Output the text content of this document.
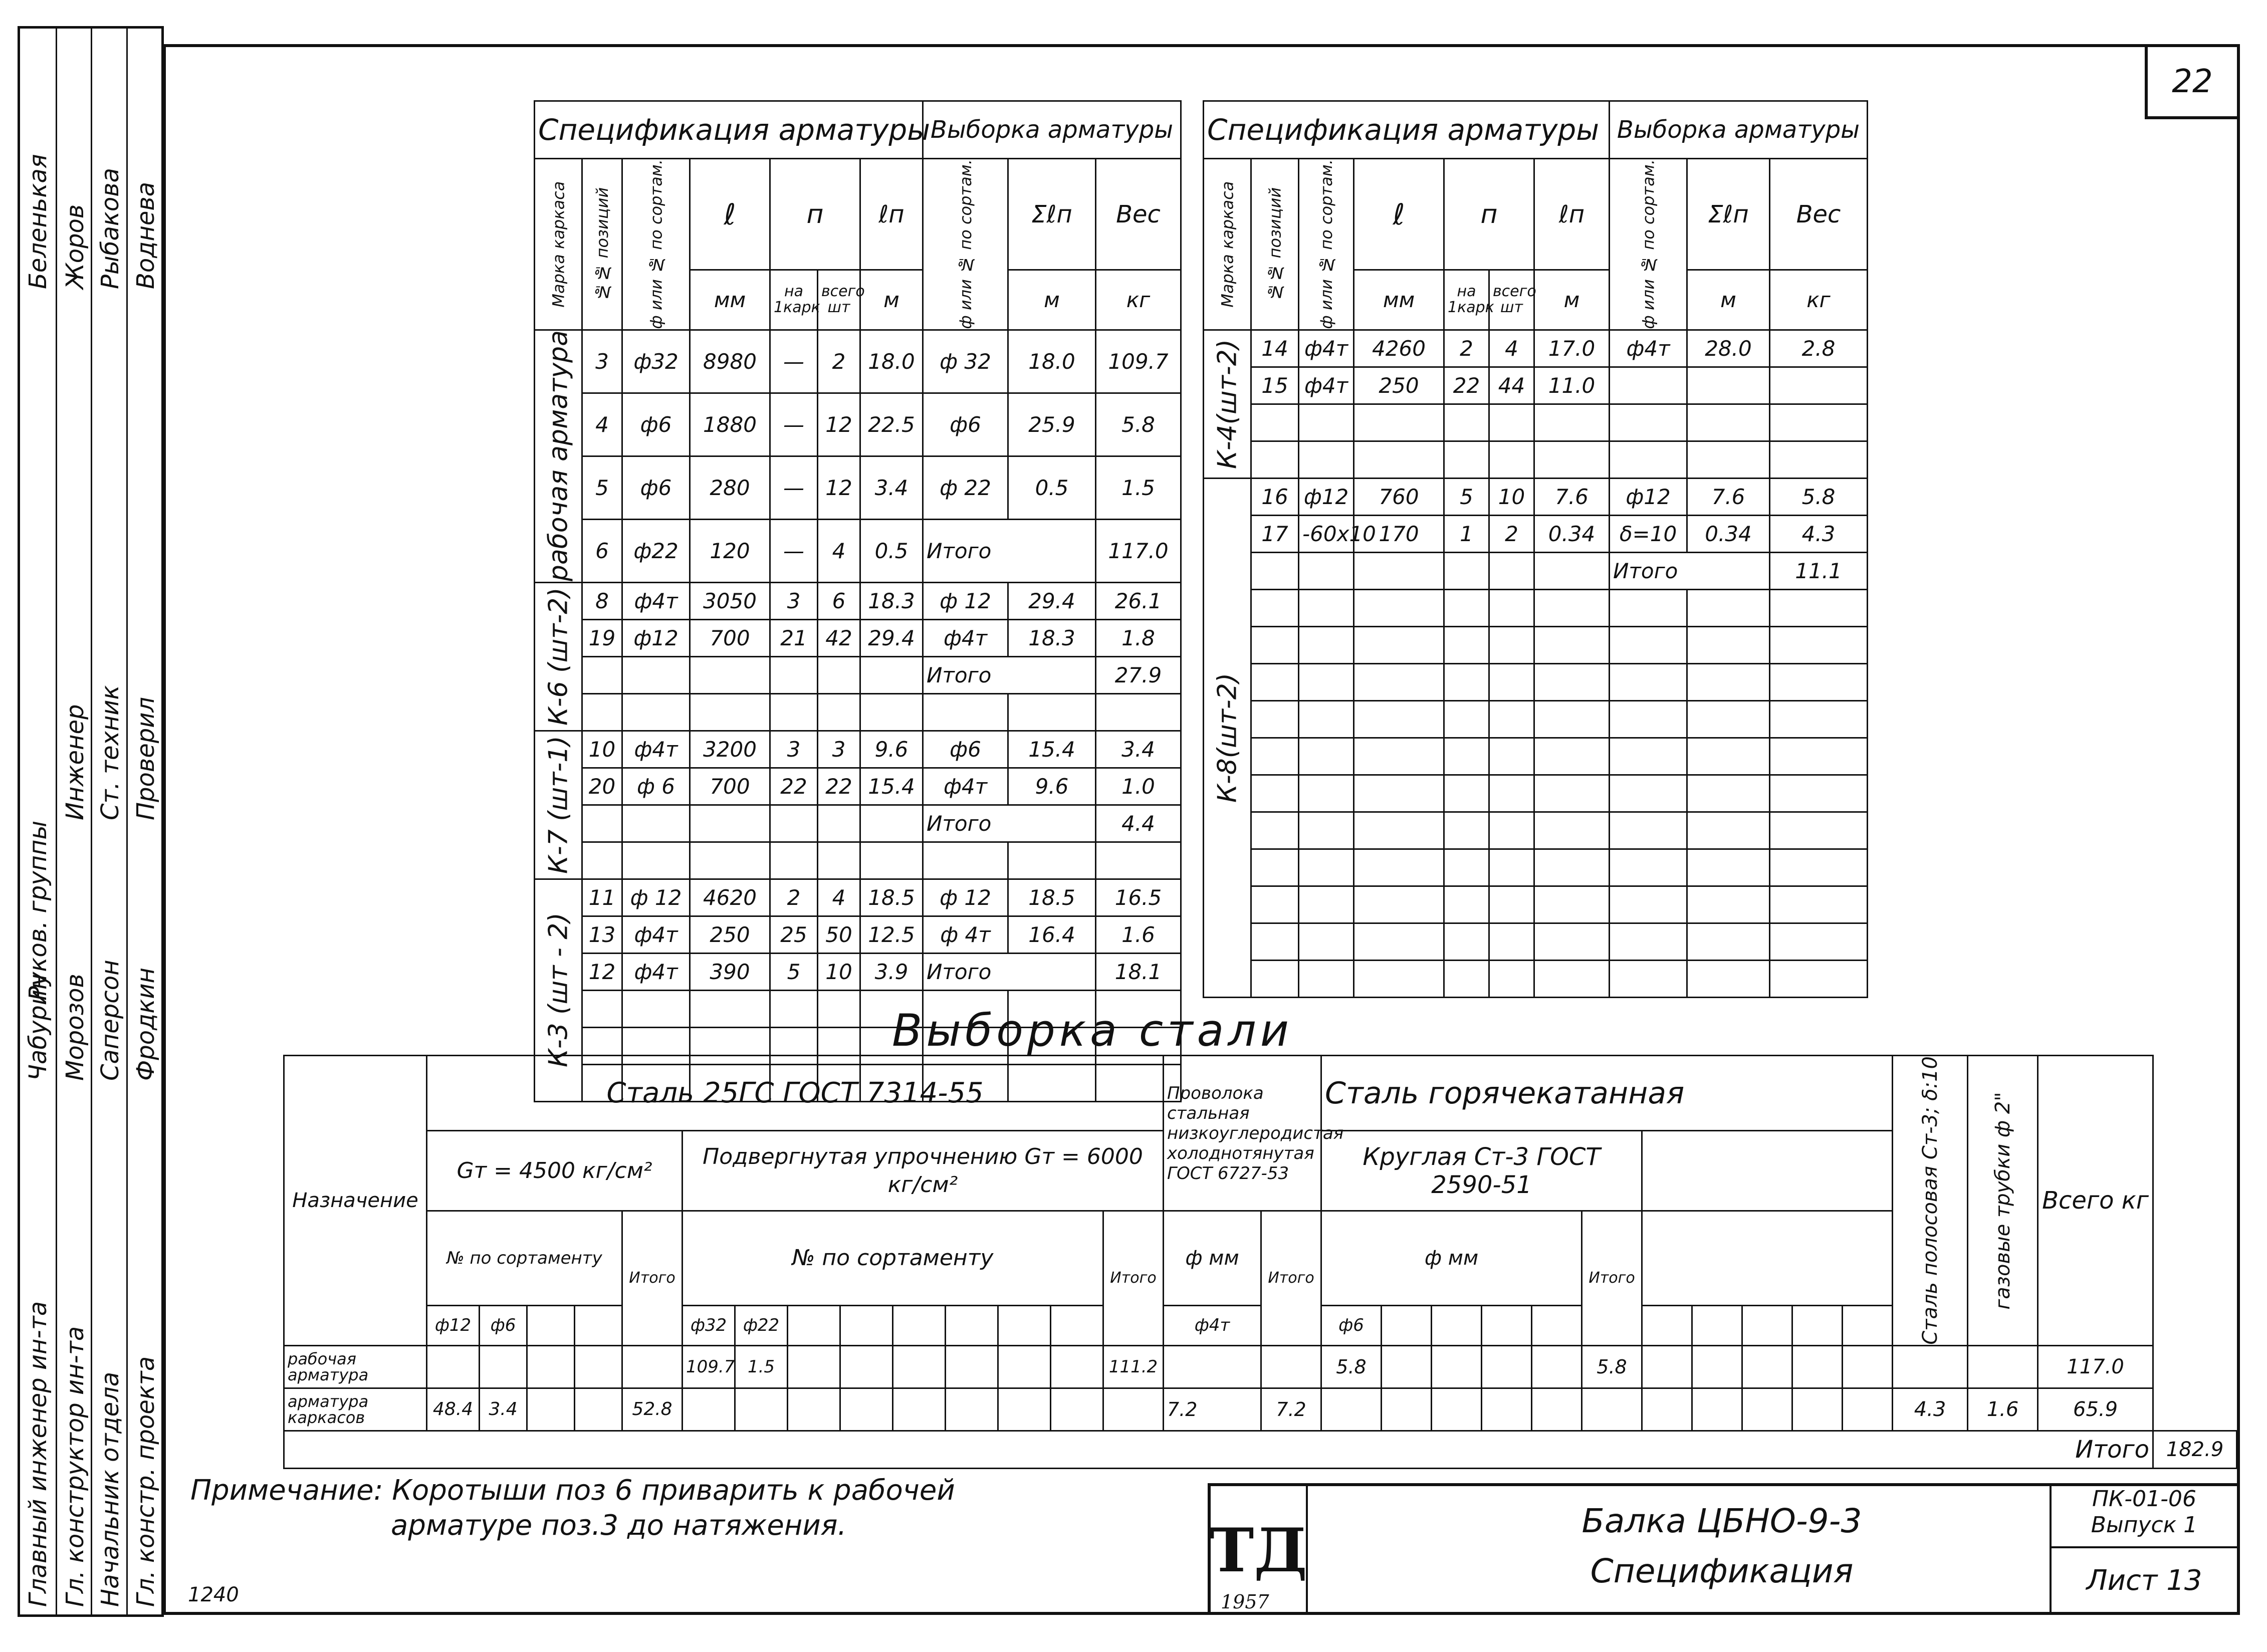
Главный инженер ин-та
Беленькая
Руков. группы
Чабурин
Гл. конструктор ин-та
Жоров
Инженер
Морозов
Начальник отдела
Рыбакова
Ст. техник
Саперсон
Гл. констр. проекта
Воднева
Проверил
Фродкин
22
Спецификация арматуры							Выборка арматуры		
Марка каркаса	№№ позиций	ф или № по сортам.	ℓ	п		ℓп	ф или № по сортам.	Σℓп	Вес
			мм	на 1карк	всего шт	м		м	кг
рабочая арматура	3	ф32	8980	—	2	18.0	ф 32	18.0	109.7
	4	ф6	1880	—	12	22.5	ф6	25.9	5.8
	5	ф6	280	—	12	3.4	ф 22	0.5	1.5
	6	ф22	120	—	4	0.5	Итого		117.0
К-6 (шт-2)	8	ф4т	3050	3	6	18.3	ф 12	29.4	26.1
	19	ф12	700	21	42	29.4	ф4т	18.3	1.8
							Итого		27.9

К-7 (шт-1)	10	ф4т	3200	3	3	9.6	ф6	15.4	3.4
	20	ф 6	700	22	22	15.4	ф4т	9.6	1.0
							Итого		4.4

К-3 (шт - 2)	11	ф 12	4620	2	4	18.5	ф 12	18.5	16.5
	13	ф4т	250	25	50	12.5	ф 4т	16.4	1.6
	12	ф4т	390	5	10	3.9	Итого		18.1

Спецификация арматуры							Выборка арматуры		
Марка каркаса	№№ позиций	ф или № по сортам.	ℓ	п		ℓп	ф или № по сортам.	Σℓп	Вес
			мм	на 1карк	всего шт	м		м	кг
К-4(шт-2)	14	ф4т	4260	2	4	17.0	ф4т	28.0	2.8
	15	ф4т	250	22	44	11.0			

К-8(шт-2)	16	ф12	760	5	10	7.6	ф12	7.6	5.8
	17	-60х10	170	1	2	0.34	δ=10	0.34	4.3
							Итого		11.1

Выборка стали
Назначение	Сталь 25ГС ГОСТ 7314-55														Проволока стальная низкоуглеродистая холоднотянутая ГОСТ 6727-53		Сталь горячекатанная											Сталь полосовая Ст-3; δ:10	газовые трубки ф 2"	Всего кг	
	Gт = 4500 кг/см²					Подвергнутая упрочнению Gт = 6000 кг/см²											Круглая Ст-3 ГОСТ 2590-51														
	№ по сортаменту				Итого	№ по сортаменту								Итого	ф мм	Итого	ф мм					Итого									
	ф12	ф6				ф32	ф22								ф4т		ф6														
рабочая арматура						109.7	1.5							111.2			5.8					5.8								117.0	
арматура каркасов	48.4	3.4			52.8										7.2	7.2												4.3	1.6	65.9	
																													Итого		182.9
Примечание: Коротыши поз 6 приварить к рабочей
арматуре поз.3 до натяжения.
1240
ТД
1957
Балка ЦБНО-9-3
Спецификация
ПК-01-06 Выпуск 1
Лист 13
